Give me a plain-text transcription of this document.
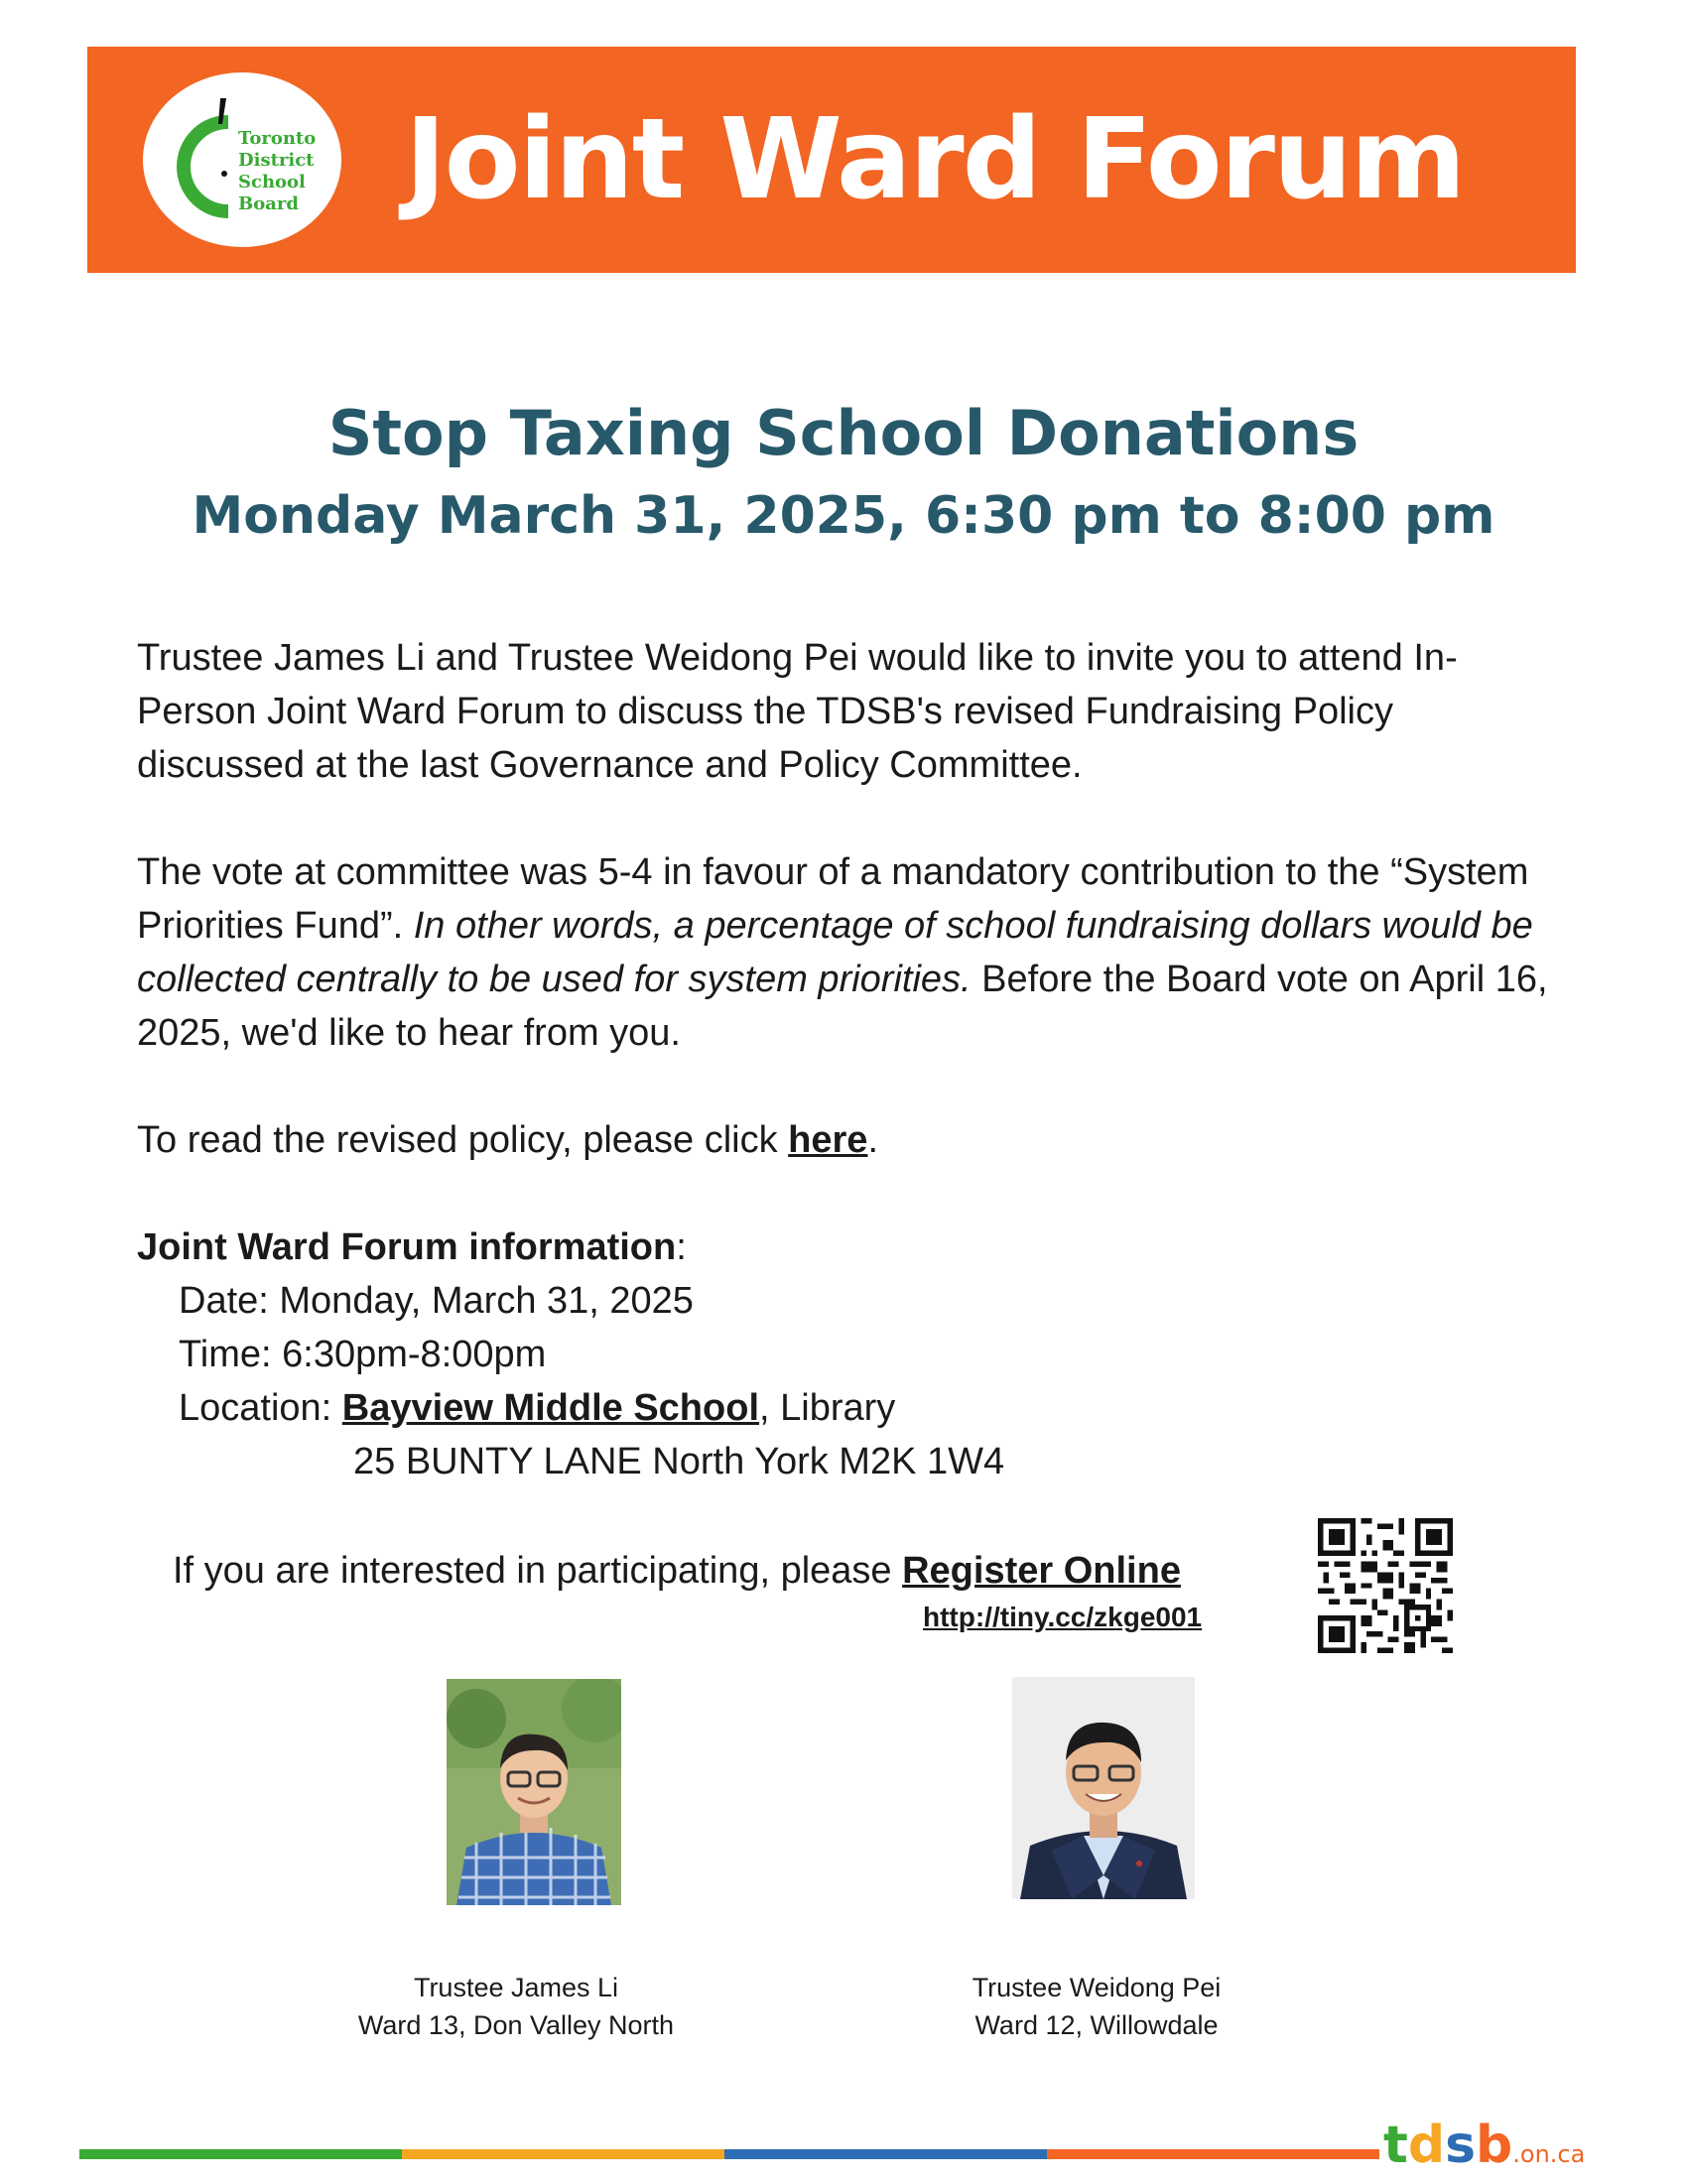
Toronto
District
School
Board Joint Ward Forum
Stop Taxing School Donations
Monday March 31, 2025, 6:30 pm to 8:00 pm

Trustee James Li and Trustee Weidong Pei would like to invite you to attend In-Person Joint Ward Forum to discuss the TDSB's revised Fundraising Policy discussed at the last Governance and Policy Committee.

The vote at committee was 5-4 in favour of a mandatory contribution to the “System Priorities Fund”. In other words, a percentage of school fundraising dollars would be collected centrally to be used for system priorities. Before the Board vote on April 16, 2025, we'd like to hear from you.

To read the revised policy, please click here.

Joint Ward Forum information:
Date: Monday, March 31, 2025
Time: 6:30pm-8:00pm
Location: Bayview Middle School, Library
25 BUNTY LANE North York M2K 1W4
If you are interested in participating, please Register Online
http://tiny.cc/zkge001
Trustee James Li
Ward 13, Don Valley North
Trustee Weidong Pei
Ward 12, Willowdale
tdsb.on.ca
